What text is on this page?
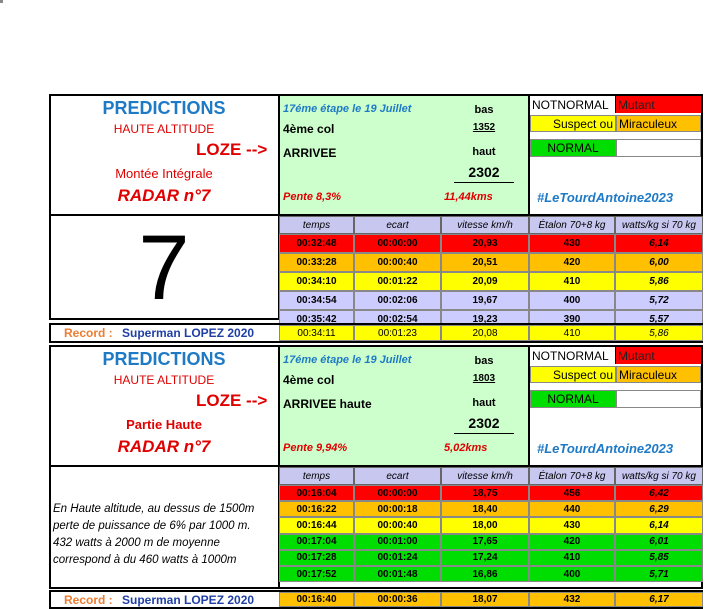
PREDICTIONS
HAUTE ALTITUDE
LOZE -->
Montée Intégrale
RADAR n°7
17éme étape le 19 Juillet
4ème col
ARRIVEE
Pente 8,3%	11,44kms
bas
1352
haut
2302
NOTNORMAL Mutant
Suspect ou Miraculeux
NORMAL
#LeTourdAntoine2023
temps	ecart	vitesse km/h	Étalon 70+8 kg	watts/kg si 70 kg
00:32:48	00:00:00	20,93	430	6,14
00:33:28	00:00:40	20,51	420	6,00
00:34:10	00:01:22	20,09	410	5,86
00:34:54	00:02:06	19,67	400	5,72
00:35:42	00:02:54	19,23	390	5,57
00:34:11	00:01:23	20,08	410	5,86
Record : Superman LOPEZ 2020
7
PREDICTIONS
HAUTE ALTITUDE
LOZE -->
Partie Haute
RADAR n°7
17éme étape le 19 Juillet
4ème col
ARRIVEE haute
Pente 9,94%	5,02kms
bas
1803
haut
2302
NOTNORMAL Mutant
Suspect ou Miraculeux
NORMAL
#LeTourdAntoine2023
temps	ecart	vitesse km/h	Étalon 70+8 kg	watts/kg si 70 kg
00:16:04	00:00:00	18,75	456	6,42
00:16:22	00:00:18	18,40	440	6,29
00:16:44	00:00:40	18,00	430	6,14
00:17:04	00:01:00	17,65	420	6,01
00:17:28	00:01:24	17,24	410	5,85
00:17:52	00:01:48	16,86	400	5,71
00:16:40	00:00:36	18,07	432	6,17
Record : Superman LOPEZ 2020
En Haute altitude, au dessus de 1500m
perte de puissance de 6% par 1000 m.
432 watts à 2000 m de moyenne
correspond à du 460 watts à 1000m
